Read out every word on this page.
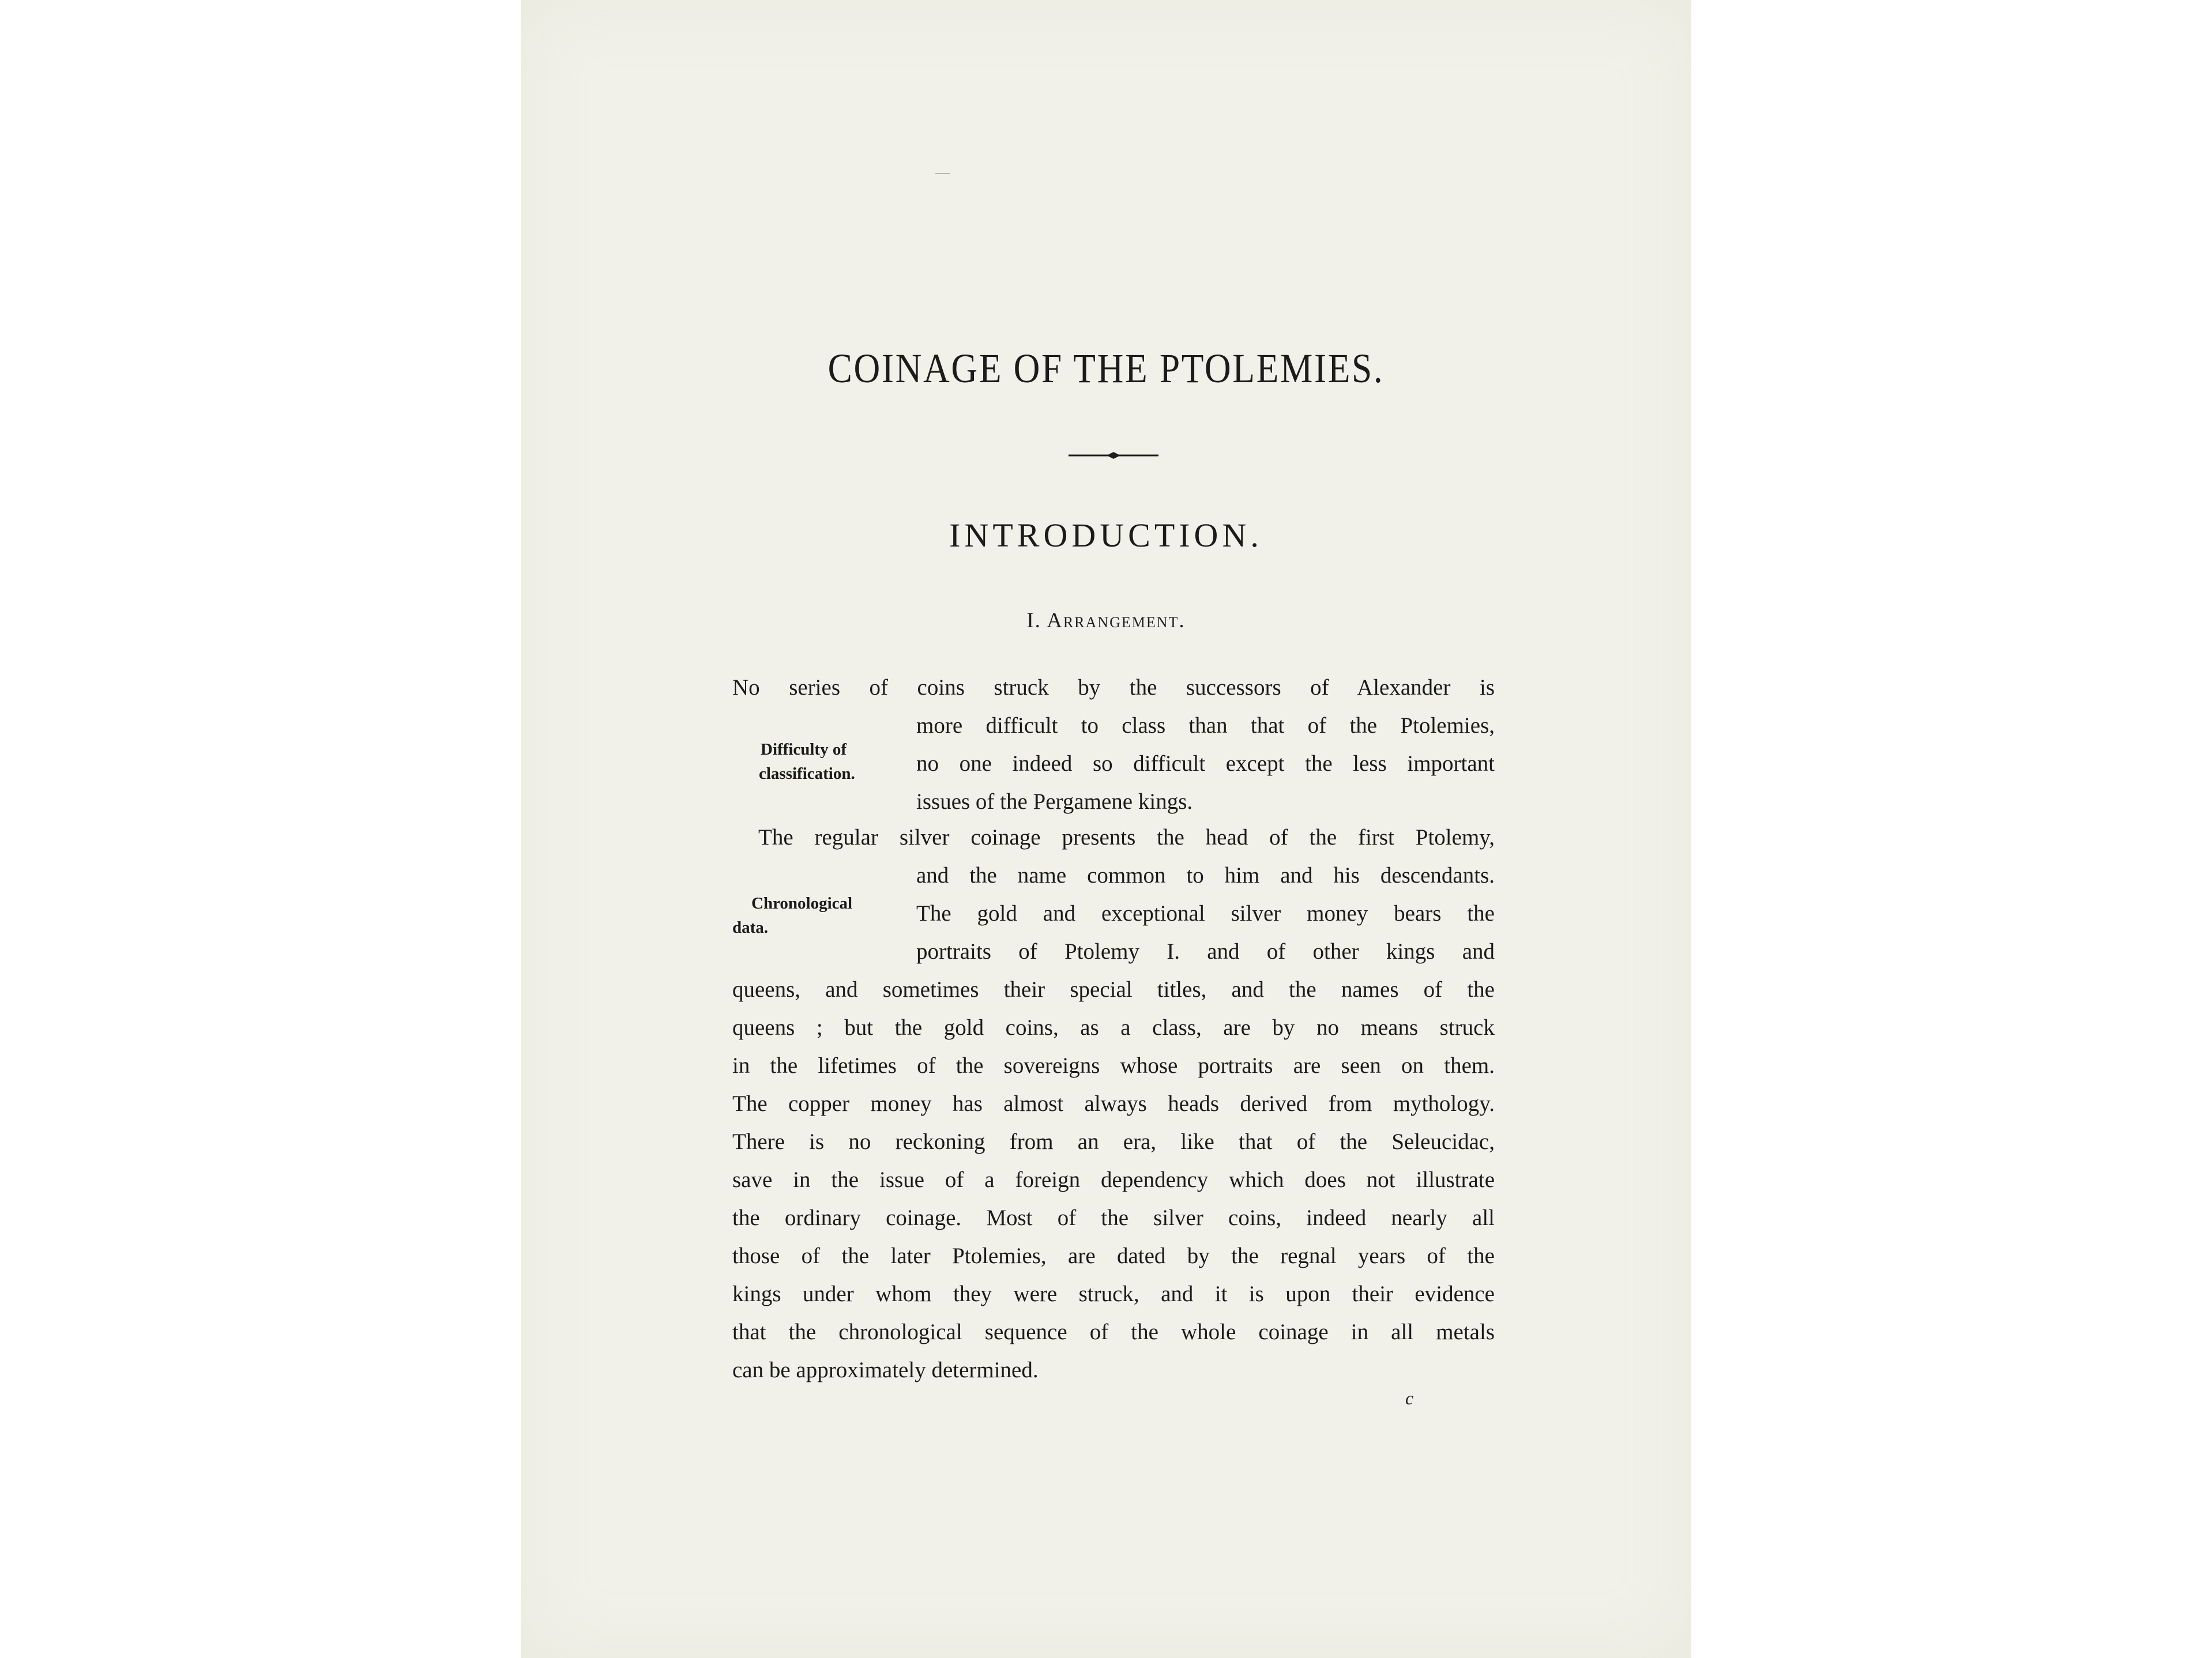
COINAGE OF THE PTOLEMIES.
INTRODUCTION.
I. Arrangement.
Difficulty of
classification.
Chronological
data.
No series of coins struck by the successors of Alexander is
more difficult to class than that of the Ptolemies,
no one indeed so difficult except the less important
issues of the Pergamene kings.
The regular silver coinage presents the head of the first Ptolemy,
and the name common to him and his descendants.
The gold and exceptional silver money bears the
portraits of Ptolemy I. and of other kings and
queens, and sometimes their special titles, and the names of the
queens ; but the gold coins, as a class, are by no means struck
in the lifetimes of the sovereigns whose portraits are seen on them.
The copper money has almost always heads derived from mythology.
There is no reckoning from an era, like that of the Seleucidac,
save in the issue of a foreign dependency which does not illustrate
the ordinary coinage. Most of the silver coins, indeed nearly all
those of the later Ptolemies, are dated by the regnal years of the
kings under whom they were struck, and it is upon their evidence
that the chronological sequence of the whole coinage in all metals
can be approximately determined.
c
